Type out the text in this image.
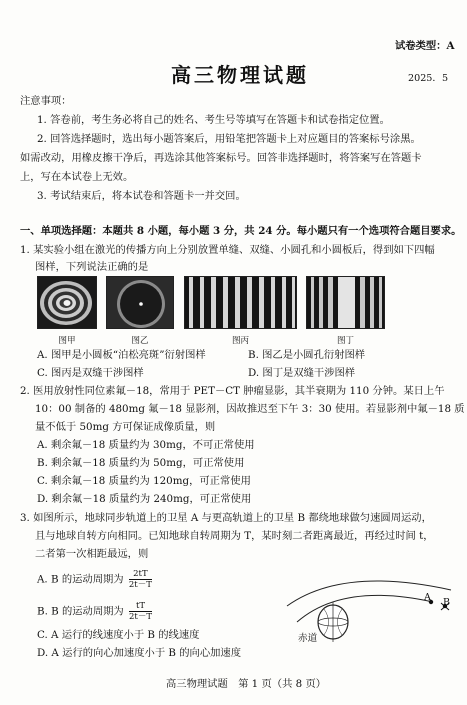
试卷类型：A
高三物理试题	2025．5
注意事项：
1. 答卷前，考生务必将自己的姓名、考生号等填写在答题卡和试卷指定位置。
2. 回答选择题时，选出每小题答案后，用铅笔把答题卡上对应题目的答案标号涂黑。
如需改动，用橡皮擦干净后，再选涂其他答案标号。回答非选择题时，将答案写在答题卡
上，写在本试卷上无效。
3. 考试结束后，将本试卷和答题卡一并交回。
一、单项选择题：本题共 8 小题，每小题 3 分，共 24 分。每小题只有一个选项符合题目要求。
1. 某实验小组在激光的传播方向上分别放置单缝、双缝、小圆孔和小圆板后，得到如下四幅
图样，下列说法正确的是
图甲	图乙	图丙	图丁
A. 图甲是小圆板“泊松亮斑”衍射图样	B. 图乙是小圆孔衍射图样
C. 图丙是双缝干涉图样	D. 图丁是双缝干涉图样
2. 医用放射性同位素氟－18，常用于 PET－CT 肿瘤显影，其半衰期为 110 分钟。某日上午
10：00 制备的 480mg 氟－18 显影剂，因故推迟至下午 3：30 使用。若显影剂中氟－18 质
量不低于 50mg 方可保证成像质量，则
A. 剩余氟－18 质量约为 30mg，不可正常使用
B. 剩余氟－18 质量约为 50mg，可正常使用
C. 剩余氟－18 质量约为 120mg，可正常使用
D. 剩余氟－18 质量约为 240mg，可正常使用
3. 如图所示，地球同步轨道上的卫星 A 与更高轨道上的卫星 B 都绕地球做匀速圆周运动，
且与地球自转方向相同。已知地球自转周期为 T，某时刻二者距离最近，再经过时间 t，
二者第一次相距最远，则
A. B 的运动周期为 $\frac{2tT}{2t-T}$
B. B 的运动周期为 $\frac{tT}{2t-T}$
C. A 运行的线速度小于 B 的线速度
D. A 运行的向心加速度小于 B 的向心加速度
赤道
A B
高三物理试题　第 1 页（共 8 页）
